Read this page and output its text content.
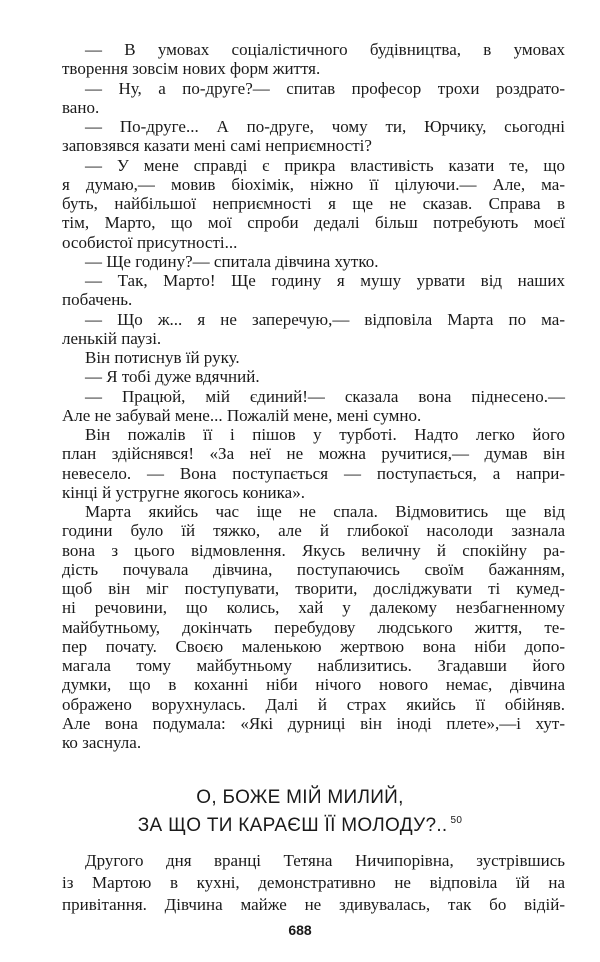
— В умовах соціалістичного будівництва, в умовах
творення зовсім нових форм життя.
— Ну, а по-друге?— спитав професор трохи роздрато-
вано.
— По-друге... А по-друге, чому ти, Юрчику, сьогодні
заповзявся казати мені самі неприємності?
— У мене справді є прикра властивість казати те, що
я думаю,— мовив біохімік, ніжно її цілуючи.— Але, ма-
буть, найбільшої неприємності я ще не сказав. Справа в
тім, Марто, що мої спроби дедалі більш потребують моєї
особистої присутності...
— Ще годину?— спитала дівчина хутко.
— Так, Марто! Ще годину я мушу урвати від наших
побачень.
— Що ж... я не заперечую,— відповіла Марта по ма-
ленькій паузі.
Він потиснув їй руку.
— Я тобі дуже вдячний.
— Працюй, мій єдиний!— сказала вона піднесено.—
Але не забувай мене... Пожалій мене, мені сумно.
Він пожалів її і пішов у турботі. Надто легко його
план здійснявся! «За неї не можна ручитися,— думав він
невесело. — Вона поступається — поступається, а напри-
кінці й устругне якогось коника».
Марта якийсь час іще не спала. Відмовитись ще від
години було їй тяжко, але й глибокої насолоди зазнала
вона з цього відмовлення. Якусь величну й спокійну ра-
дість почувала дівчина, поступаючись своїм бажанням,
щоб він міг поступувати, творити, досліджувати ті кумед-
ні речовини, що колись, хай у далекому незбагненному
майбутньому, докінчать перебудову людського життя, те-
пер почату. Своєю маленькою жертвою вона ніби допо-
магала тому майбутньому наблизитись. Згадавши його
думки, що в коханні ніби нічого нового немає, дівчина
ображено ворухнулась. Далі й страх якийсь її обійняв.
Але вона подумала: «Які дурниці він іноді плете»,—і хут-
ко заснула.
О, БОЖЕ МІЙ МИЛИЙ,
ЗА ЩО ТИ КАРАЄШ ЇЇ МОЛОДУ?.. $^{50}$
Другого дня вранці Тетяна Ничипорівна, зустрівшись
із Мартою в кухні, демонстративно не відповіла їй на
привітання. Дівчина майже не здивувалась, так бо відій-
688
